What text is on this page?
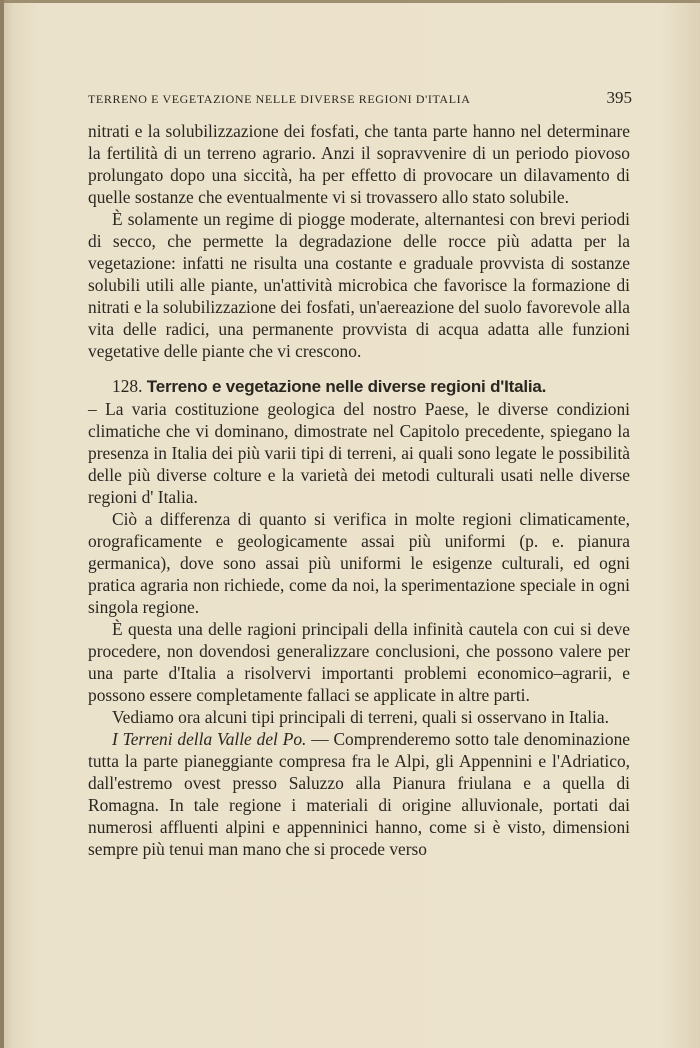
TERRENO E VEGETAZIONE NELLE DIVERSE REGIONI D'ITALIA	395

nitrati e la solubilizzazione dei fosfati, che tanta parte hanno nel determinare la fertilità di un terreno agrario. Anzi il sopravvenire di un periodo piovoso prolungato dopo una siccità, ha per effetto di provocare un dilavamento di quelle sostanze che eventualmente vi si trovassero allo stato solubile.

È solamente un regime di piogge moderate, alternantesi con brevi periodi di secco, che permette la degradazione delle rocce più adatta per la vegetazione: infatti ne risulta una costante e graduale provvista di sostanze solubili utili alle piante, un'attività microbica che favorisce la formazione di nitrati e la solubilizzazione dei fosfati, un'aereazione del suolo favorevole alla vita delle radici, una permanente provvista di acqua adatta alle funzioni vegetative delle piante che vi crescono.

128. Terreno e vegetazione nelle diverse regioni d'Italia.

– La varia costituzione geologica del nostro Paese, le diverse condizioni climatiche che vi dominano, dimostrate nel Capitolo precedente, spiegano la presenza in Italia dei più varii tipi di terreni, ai quali sono legate le possibilità delle più diverse colture e la varietà dei metodi culturali usati nelle diverse regioni d' Italia.

Ciò a differenza di quanto si verifica in molte regioni climaticamente, orograficamente e geologicamente assai più uniformi (p. e. pianura germanica), dove sono assai più uniformi le esigenze culturali, ed ogni pratica agraria non richiede, come da noi, la sperimentazione speciale in ogni singola regione.

È questa una delle ragioni principali della infinità cautela con cui si deve procedere, non dovendosi generalizzare conclusioni, che possono valere per una parte d'Italia a risolvervi importanti problemi economico–agrarii, e possono essere completamente fallaci se applicate in altre parti.

Vediamo ora alcuni tipi principali di terreni, quali si osservano in Italia.

I Terreni della Valle del Po. — Comprenderemo sotto tale denominazione tutta la parte pianeggiante compresa fra le Alpi, gli Appennini e l'Adriatico, dall'estremo ovest presso Saluzzo alla Pianura friulana e a quella di Romagna. In tale regione i materiali di origine alluvionale, portati dai numerosi affluenti alpini e appenninici hanno, come si è visto, dimensioni sempre più tenui man mano che si procede verso
